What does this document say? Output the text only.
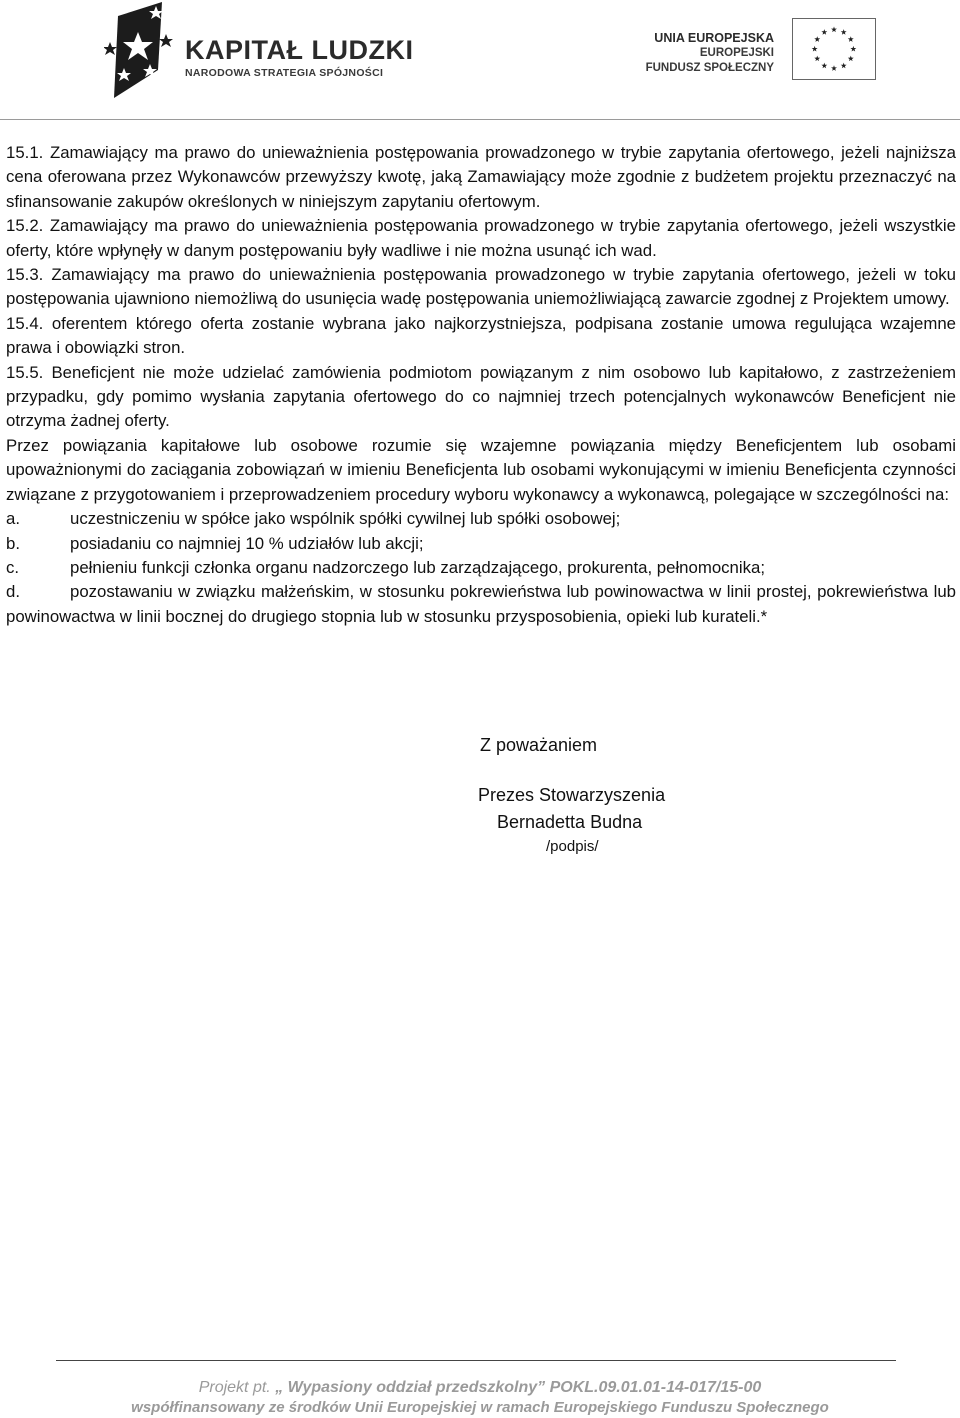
KAPITAŁ LUDZKI
NARODOWA STRATEGIA SPÓJNOŚCI
UNIA EUROPEJSKA
EUROPEJSKI
FUNDUSZ SPOŁECZNY

15.1. Zamawiający ma prawo do unieważnienia postępowania prowadzonego w trybie zapytania ofertowego, jeżeli najniższa cena oferowana przez Wykonawców przewyższy kwotę, jaką Zamawiający może zgodnie z budżetem projektu przeznaczyć na sfinansowanie zakupów określonych w niniejszym zapytaniu ofertowym.

15.2. Zamawiający ma prawo do unieważnienia postępowania prowadzonego w trybie zapytania ofertowego, jeżeli wszystkie oferty, które wpłynęły w danym postępowaniu były wadliwe i nie można usunąć ich wad.

15.3. Zamawiający ma prawo do unieważnienia postępowania prowadzonego w trybie zapytania ofertowego, jeżeli w toku postępowania ujawniono niemożliwą do usunięcia wadę postępowania uniemożliwiającą zawarcie zgodnej z Projektem umowy.

15.4. oferentem którego oferta zostanie wybrana jako najkorzystniejsza, podpisana zostanie umowa regulująca wzajemne prawa i obowiązki stron.

15.5. Beneficjent nie może udzielać zamówienia podmiotom powiązanym z nim osobowo lub kapitałowo, z zastrzeżeniem przypadku, gdy pomimo wysłania zapytania ofertowego do co najmniej trzech potencjalnych wykonawców Beneficjent nie otrzyma żadnej oferty.

Przez powiązania kapitałowe lub osobowe rozumie się wzajemne powiązania między Beneficjentem lub osobami upoważnionymi do zaciągania zobowiązań w imieniu Beneficjenta lub osobami wykonującymi w imieniu Beneficjenta czynności związane z przygotowaniem i przeprowadzeniem procedury wyboru wykonawcy a wykonawcą, polegające w szczególności na:

a.	uczestniczeniu w spółce jako wspólnik spółki cywilnej lub spółki osobowej;

b.	posiadaniu co najmniej 10 % udziałów lub akcji;

c.	pełnieniu funkcji członka organu nadzorczego lub zarządzającego, prokurenta, pełnomocnika;

d.	pozostawaniu w związku małżeńskim, w stosunku pokrewieństwa lub powinowactwa w linii prostej, pokrewieństwa lub powinowactwa w linii bocznej do drugiego stopnia lub w stosunku przysposobienia, opieki lub kurateli.*

Z poważaniem
Prezes Stowarzyszenia
Bernadetta Budna
/podpis/
Projekt pt. „ Wypasiony oddział przedszkolny” POKL.09.01.01-14-017/15-00
współfinansowany ze środków Unii Europejskiej w ramach Europejskiego Funduszu Społecznego
